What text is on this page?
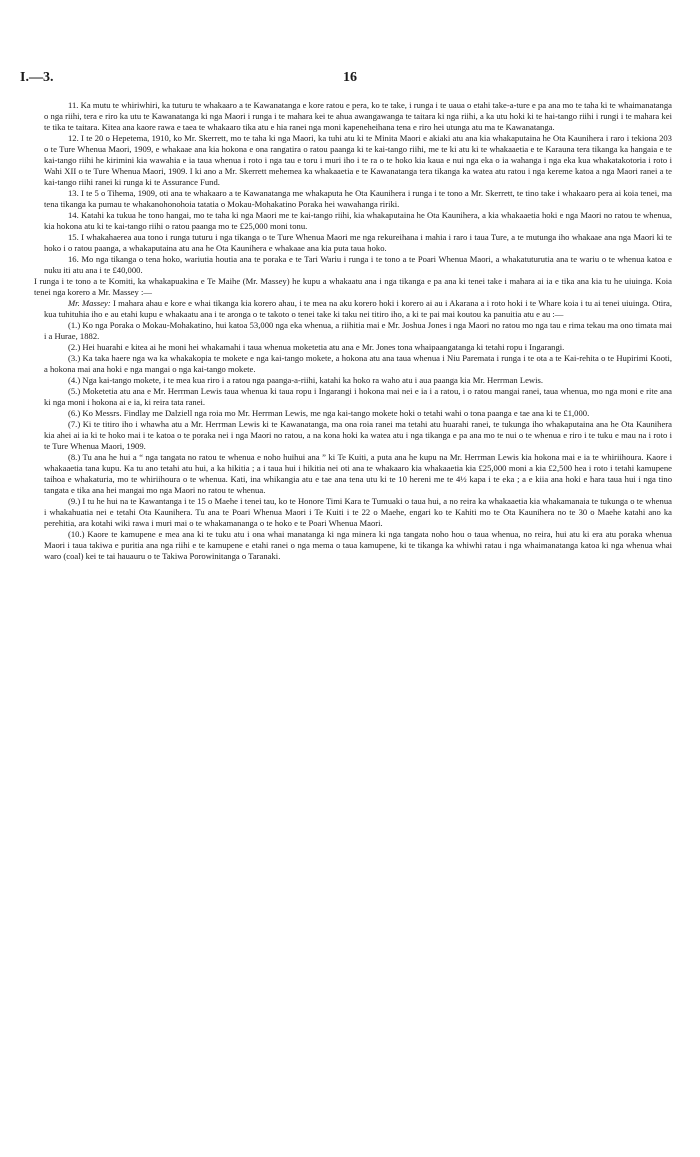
I.—3.	16

11. Ka mutu te whiriwhiri, ka tuturu te whakaaro a te Kawanatanga e kore ratou e pera, ko te take, i runga i te uaua o etahi take-a-ture e pa ana mo te taha ki te whaimanatanga o nga riihi, tera e riro ka utu te Kawanatanga ki nga Maori i runga i te mahara kei te ahua awangawanga te taitara ki nga riihi, a ka utu hoki ki te hai-tango riihi i rungi i te mahara kei te tika te taitara. Kitea ana kaore rawa e taea te whakaaro tika atu e hia ranei nga moni kapeneheihana tena e riro hei utunga atu ma te Kawanatanga.

12. I te 20 o Hepetema, 1910, ko Mr. Skerrett, mo te taha ki nga Maori, ka tuhi atu ki te Minita Maori e akiaki atu ana kia whakaputaina he Ota Kaunihera i raro i tekiona 203 o te Ture Whenua Maori, 1909, e whakaae ana kia hokona e ona rangatira o ratou paanga ki te kai-tango riihi, me te ki atu ki te whakaaetia e te Karauna tera tikanga ka hangaia e te kai-tango riihi he kirimini kia wawahia e ia taua whenua i roto i nga tau e toru i muri iho i te ra o te hoko kia kaua e nui nga eka o ia wahanga i nga eka kua whakatakotoria i roto i Wahi XII o te Ture Whenua Maori, 1909. I ki ano a Mr. Skerrett mehemea ka whakaaetia e te Kawanatanga tera tikanga ka watea atu ratou i nga kereme katoa a nga Maori ranei a te kai-tango riihi ranei ki runga ki te Assurance Fund.

13. I te 5 o Tihema, 1909, oti ana te whakaaro a te Kawanatanga me whakaputa he Ota Kaunihera i runga i te tono a Mr. Skerrett, te tino take i whakaaro pera ai koia tenei, ma tena tikanga ka pumau te whakanohonohoia tatatia o Mokau-Mohakatino Poraka hei wawahanga ririki.

14. Katahi ka tukua he tono hangai, mo te taha ki nga Maori me te kai-tango riihi, kia whakaputaina he Ota Kaunihera, a kia whakaaetia hoki e nga Maori no ratou te whenua, kia hokona atu ki te kai-tango riihi o ratou paanga mo te £25,000 moni tonu.

15. I whakahaerea aua tono i runga tuturu i nga tikanga o te Ture Whenua Maori me nga rekureihana i mahia i raro i taua Ture, a te mutunga iho whakaae ana nga Maori ki te hoko i o ratou paanga, a whakaputaina atu ana he Ota Kaunihera e whakaae ana kia puta taua hoko.

16. Mo nga tikanga o tena hoko, wariutia houtia ana te poraka e te Tari Wariu i runga i te tono a te Poari Whenua Maori, a whakatuturutia ana te wariu o te whenua katoa e nuku iti atu ana i te £40,000.

I runga i te tono a te Komiti, ka whakapuakina e Te Maihe (Mr. Massey) he kupu a whakaatu ana i nga tikanga e pa ana ki tenei take i mahara ai ia e tika ana kia tu he uiuinga. Koia tenei nga korero a Mr. Massey :—

Mr. Massey: I mahara ahau e kore e whai tikanga kia korero ahau, i te mea na aku korero hoki i korero ai au i Akarana a i roto hoki i te Whare koia i tu ai tenei uiuinga. Otira, kua tuhituhia iho e au etahi kupu e whakaatu ana i te aronga o te takoto o tenei take ki taku nei titiro iho, a ki te pai mai koutou ka panuitia atu e au :—

(1.) Ko nga Poraka o Mokau-Mohakatino, hui katoa 53,000 nga eka whenua, a riihitia mai e Mr. Joshua Jones i nga Maori no ratou mo nga tau e rima tekau ma ono timata mai i a Hurae, 1882.

(2.) Hei huarahi e kitea ai he moni hei whakamahi i taua whenua moketetia atu ana e Mr. Jones tona whaipaangatanga ki tetahi ropu i Ingarangi.

(3.) Ka taka haere nga wa ka whakakopia te mokete e nga kai-tango mokete, a hokona atu ana taua whenua i Niu Paremata i runga i te ota a te Kai-rehita o te Hupirimi Kooti, a hokona mai ana hoki e nga mangai o nga kai-tango mokete.

(4.) Nga kai-tango mokete, i te mea kua riro i a ratou nga paanga-a-riihi, katahi ka hoko ra waho atu i aua paanga kia Mr. Herrman Lewis.

(5.) Moketetia atu ana e Mr. Herrman Lewis taua whenua ki taua ropu i Ingarangi i hokona mai nei e ia i a ratou, i o ratou mangai ranei, taua whenua, mo nga moni e rite ana ki nga moni i hokona ai e ia, ki reira tata ranei.

(6.) Ko Messrs. Findlay me Dalziell nga roia mo Mr. Herrman Lewis, me nga kai-tango mokete hoki o tetahi wahi o tona paanga e tae ana ki te £1,000.

(7.) Ki te titiro iho i whawha atu a Mr. Herrman Lewis ki te Kawanatanga, ma ona roia ranei ma tetahi atu huarahi ranei, te tukunga iho whakaputaina ana he Ota Kaunihera kia ahei ai ia ki te hoko mai i te katoa o te poraka nei i nga Maori no ratou, a na kona hoki ka watea atu i nga tikanga e pa ana mo te nui o te whenua e riro i te tuku e mau na i roto i te Ture Whenua Maori, 1909.

(8.) Tu ana he hui a “ nga tangata no ratou te whenua e noho huihui ana ” ki Te Kuiti, a puta ana he kupu na Mr. Herrman Lewis kia hokona mai e ia te whiriihoura. Kaore i whakaaetia tana kupu. Ka tu ano tetahi atu hui, a ka hikitia ; a i taua hui i hikitia nei oti ana te whakaaro kia whakaaetia kia £25,000 moni a kia £2,500 hea i roto i tetahi kamupene taihoa e whakaturia, mo te whiriihoura o te whenua. Kati, ina whikangia atu e tae ana tena utu ki te 10 hereni me te 4½ kapa i te eka ; a e kiia ana hoki e hara taua hui i nga tino tangata e tika ana hei mangai mo nga Maori no ratou te whenua.

(9.) I tu he hui na te Kawantanga i te 15 o Maehe i tenei tau, ko te Honore Timi Kara te Tumuaki o taua hui, a no reira ka whakaaetia kia whakamanaia te tukunga o te whenua i whakahuatia nei e tetahi Ota Kaunihera. Tu ana te Poari Whenua Maori i Te Kuiti i te 22 o Maehe, engari ko te Kahiti mo te Ota Kaunihera no te 30 o Maehe katahi ano ka perehitia, ara kotahi wiki rawa i muri mai o te whakamananga o te hoko e te Poari Whenua Maori.

(10.) Kaore te kamupene e mea ana ki te tuku atu i ona whai manatanga ki nga minera ki nga tangata noho hou o taua whenua, no reira, hui atu ki era atu poraka whenua Maori i taua takiwa e puritia ana nga riihi e te kamupene e etahi ranei o nga mema o taua kamupene, ki te tikanga ka whiwhi ratau i nga whaimanatanga katoa ki nga whenua whai waro (coal) kei te tai hauauru o te Takiwa Porowinitanga o Taranaki.
